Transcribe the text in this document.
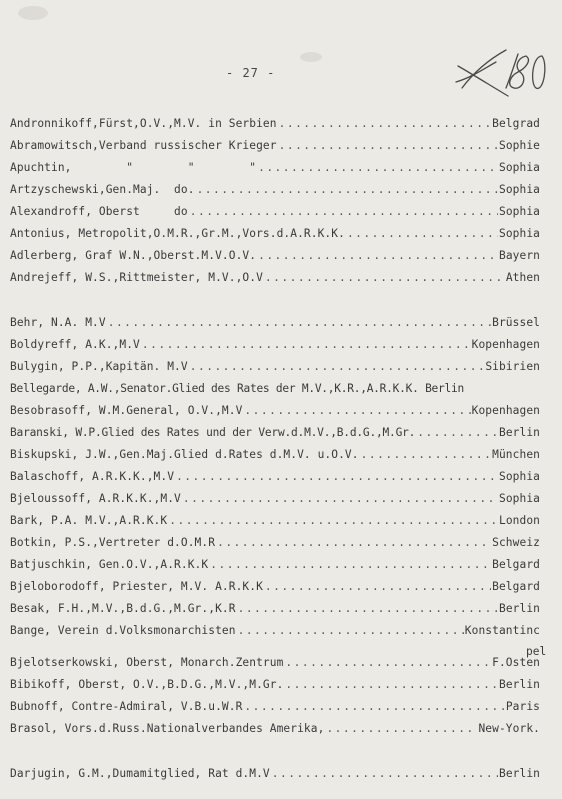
- 27 -
Andronnikoff,Fürst,O.V.,M.V. in Serbien .....	Belgrad
Abramowitsch,Verband russischer Krieger .....	Sophie
Apuchtin,        "        "        " .....	Sophia
Artzyschewski,Gen.Maj.  do. .....	Sophia
Alexandroff, Oberst     do .....	Sophia
Antonius, Metropolit,O.M.R.,Gr.M.,Vors.d.A.R.K.K. .....	Sophia
Adlerberg, Graf W.N.,Oberst.M.V.O.V. .....	Bayern
Andrejeff, W.S.,Rittmeister, M.V.,O.V .....	Athen
Behr, N.A. M.V .....	Brüssel
Boldyreff, A.K.,M.V .....	Kopenhagen
Bulygin, P.P.,Kapitän. M.V .....	Sibirien
Bellegarde, A.W.,Senator.Glied des Rates der M.V.,K.R.,A.R.K.K. Berlin
Besobrasoff, W.M.General, O.V.,M.V .....	Kopenhagen
Baranski, W.P.Glied des Rates und der Verw.d.M.V.,B.d.G.,M.Gr. .....	Berlin
Biskupski, J.W.,Gen.Maj.Glied d.Rates d.M.V. u.O.V. .....	München
Balaschoff, A.R.K.K.,M.V .....	Sophia
Bjeloussoff, A.R.K.K.,M.V .....	Sophia
Bark, P.A. M.V.,A.R.K.K .....	London
Botkin, P.S.,Vertreter d.O.M.R .....	Schweiz
Batjuschkin, Gen.O.V.,A.R.K.K .....	Belgard
Bjeloborodoff, Priester, M.V. A.R.K.K .....	Belgard
Besak, F.H.,M.V.,B.d.G.,M.Gr.,K.R .....	Berlin
Bange, Verein d.Volksmonarchisten .....	Konstantinc
pel
Bjelotserkowski, Oberst, Monarch.Zentrum .....	F.Osten
Bibikoff, Oberst, O.V.,B.D.G.,M.V.,M.Gr. .....	Berlin
Bubnoff, Contre-Admiral, V.B.u.W.R .....	Paris
Brasol, Vors.d.Russ.Nationalverbandes Amerika, .....	New-York.
Darjugin, G.M.,Dumamitglied, Rat d.M.V .....	Berlin
